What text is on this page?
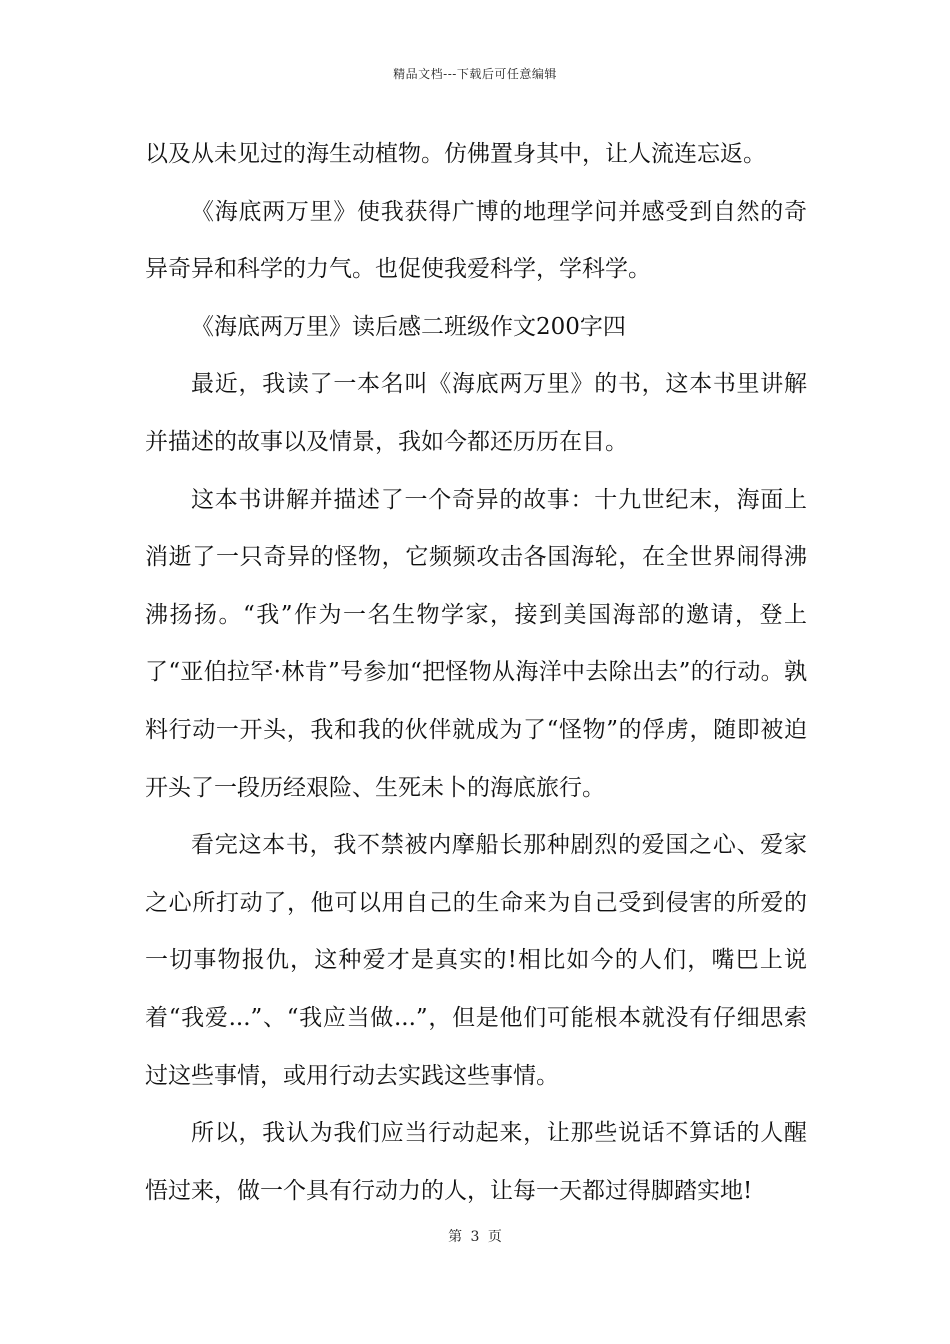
精品文档---下载后可任意编辑

以及从未见过的海生动植物。仿佛置身其中，让人流连忘返。

《海底两万里》使我获得广博的地理学问并感受到自然的奇异奇异和科学的力气。也促使我爱科学，学科学。

《海底两万里》读后感二班级作文200字四

最近，我读了一本名叫《海底两万里》的书，这本书里讲解并描述的故事以及情景，我如今都还历历在目。

这本书讲解并描述了一个奇异的故事：十九世纪末，海面上消逝了一只奇异的怪物，它频频攻击各国海轮，在全世界闹得沸沸扬扬。“我”作为一名生物学家，接到美国海部的邀请，登上了“亚伯拉罕·林肯”号参加“把怪物从海洋中去除出去”的行动。孰料行动一开头，我和我的伙伴就成为了“怪物”的俘虏，随即被迫开头了一段历经艰险、生死未卜的海底旅行。

看完这本书，我不禁被内摩船长那种剧烈的爱国之心、爱家之心所打动了，他可以用自己的生命来为自己受到侵害的所爱的一切事物报仇，这种爱才是真实的!相比如今的人们，嘴巴上说着“我爱...”、“我应当做...”，但是他们可能根本就没有仔细思索过这些事情，或用行动去实践这些事情。

所以，我认为我们应当行动起来，让那些说话不算话的人醒悟过来，做一个具有行动力的人，让每一天都过得脚踏实地!

第 3 页
